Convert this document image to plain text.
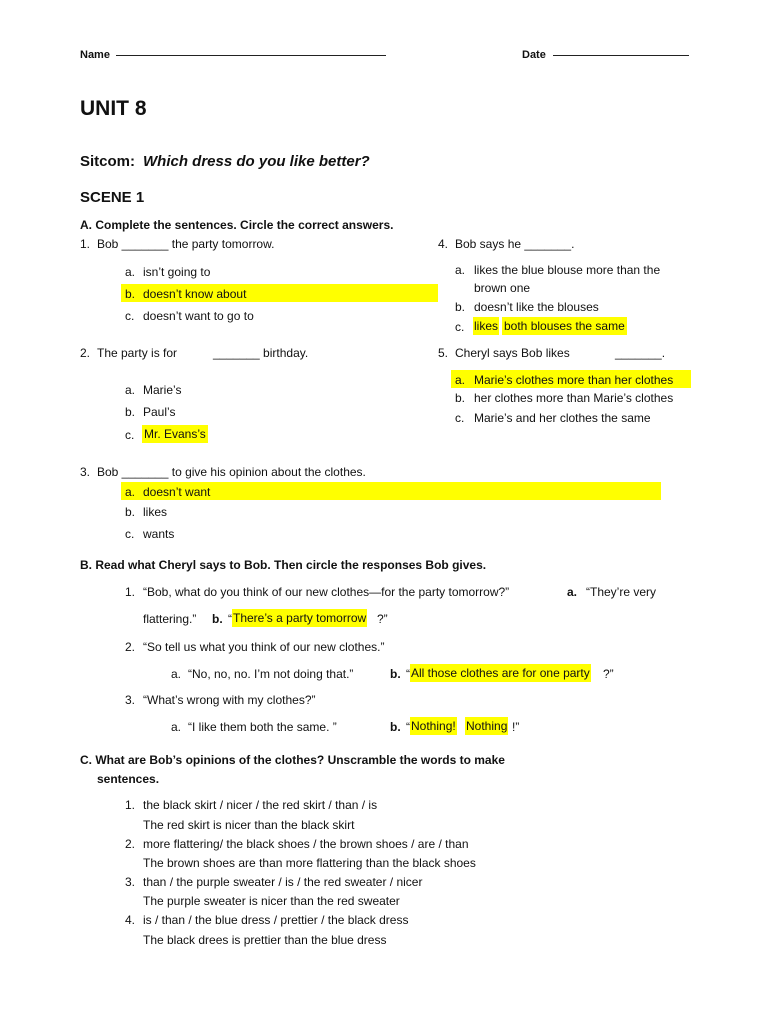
Name	Date
UNIT 8
Sitcom: Which dress do you like better?
SCENE 1
A. Complete the sentences. Circle the correct answers.
1. Bob _______ the party tomorrow.
a. isn’t going to
b. doesn’t know about
c. doesn’t want to go to
2. The party is for	_______ birthday.
a. Marie’s
b. Paul’s
c. Mr. Evans’s
3. Bob _______ to give his opinion about the clothes.
a. doesn’t want
b. likes
c. wants
4. Bob says he _______.
a. likes the blue blouse more than the
brown one
b. doesn’t like the blouses
c. likes both blouses the same
5. Cheryl says Bob likes	_______.
a. Marie’s clothes more than her clothes
b. her clothes more than Marie’s clothes
c. Marie’s and her clothes the same
B. Read what Cheryl says to Bob. Then circle the responses Bob gives.
1. “Bob, what do you think of our new clothes—for the party tomorrow?”	a. “They’re very
flattering.” b. “ There’s a party tomorrow ?”
2. “So tell us what you think of our new clothes.”
a. “No, no, no. I’m not doing that.”	b. “ All those clothes are for one party ?”
3. “What’s wrong with my clothes?”
a. “I like them both the same. ”	b. “ Nothing! Nothing !”
C. What are Bob’s opinions of the clothes? Unscramble the words to make
sentences.
1. the black skirt / nicer / the red skirt / than / is
The red skirt is nicer than the black skirt
2. more flattering/ the black shoes / the brown shoes / are / than
The brown shoes are than more flattering than the black shoes
3. than / the purple sweater / is / the red sweater / nicer
The purple sweater is nicer than the red sweater
4. is / than / the blue dress / prettier / the black dress
The black drees is prettier than the blue dress
